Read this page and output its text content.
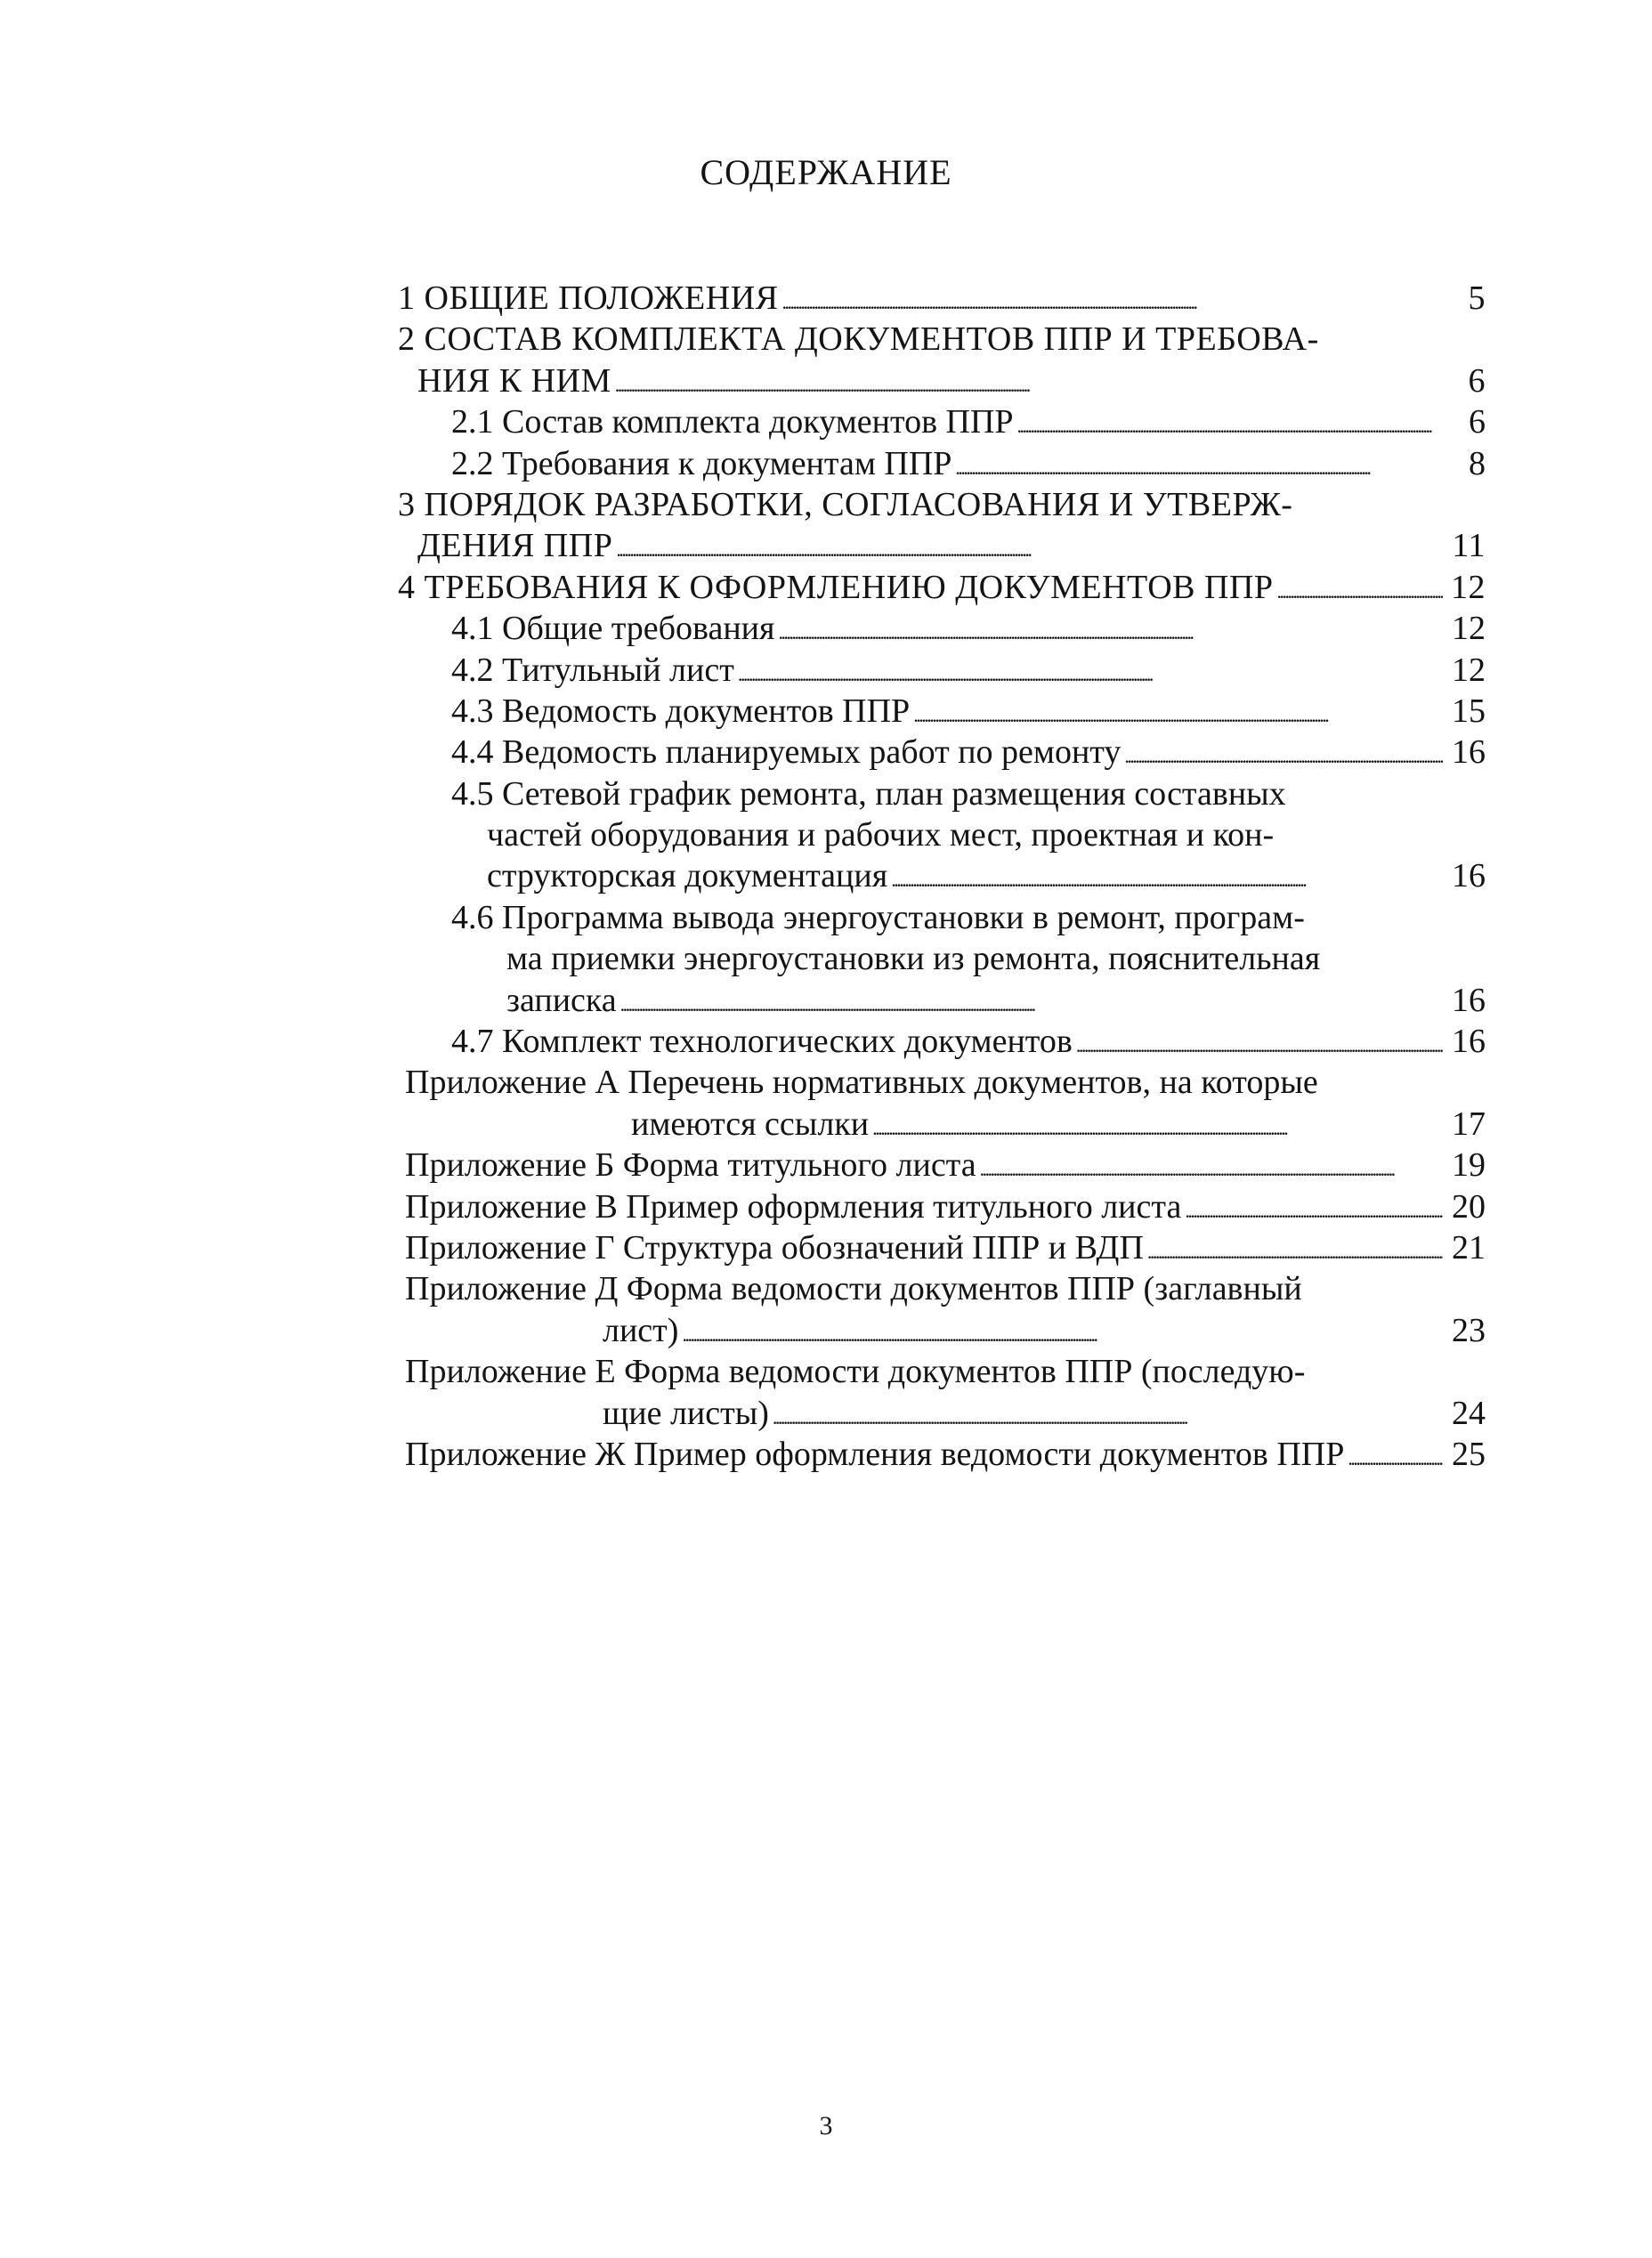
СОДЕРЖАНИЕ
1 ОБЩИЕ ПОЛОЖЕНИЯ . . .	5
2 СОСТАВ КОМПЛЕКТА ДОКУМЕНТОВ ППР И ТРЕБОВА-
НИЯ К НИМ . . .	6
2.1 Состав комплекта документов ППР . . .	6
2.2 Требования к документам ППР . . .	8
3 ПОРЯДОК РАЗРАБОТКИ, СОГЛАСОВАНИЯ И УТВЕРЖ-
ДЕНИЯ ППР . . .	11
4 ТРЕБОВАНИЯ К ОФОРМЛЕНИЮ ДОКУМЕНТОВ ППР . . .	12
4.1 Общие требования . . .	12
4.2 Титульный лист . . .	12
4.3 Ведомость документов ППР . . .	15
4.4 Ведомость планируемых работ по ремонту . . .	16
4.5 Сетевой график ремонта, план размещения составных
частей оборудования и рабочих мест, проектная и кон-
структорская документация . . .	16
4.6 Программа вывода энергоустановки в ремонт, програм-
ма приемки энергоустановки из ремонта, пояснительная
записка . . .	16
4.7 Комплект технологических документов . . .	16
Приложение А Перечень нормативных документов, на которые
имеются ссылки . . .	17
Приложение Б Форма титульного листа . . .	19
Приложение В Пример оформления титульного листа . . .	20
Приложение Г Структура обозначений ППР и ВДП . . .	21
Приложение Д Форма ведомости документов ППР (заглавный
лист) . . .	23
Приложение Е Форма ведомости документов ППР (последую-
щие листы) . . .	24
Приложение Ж Пример оформления ведомости документов ППР . . .	25
3
